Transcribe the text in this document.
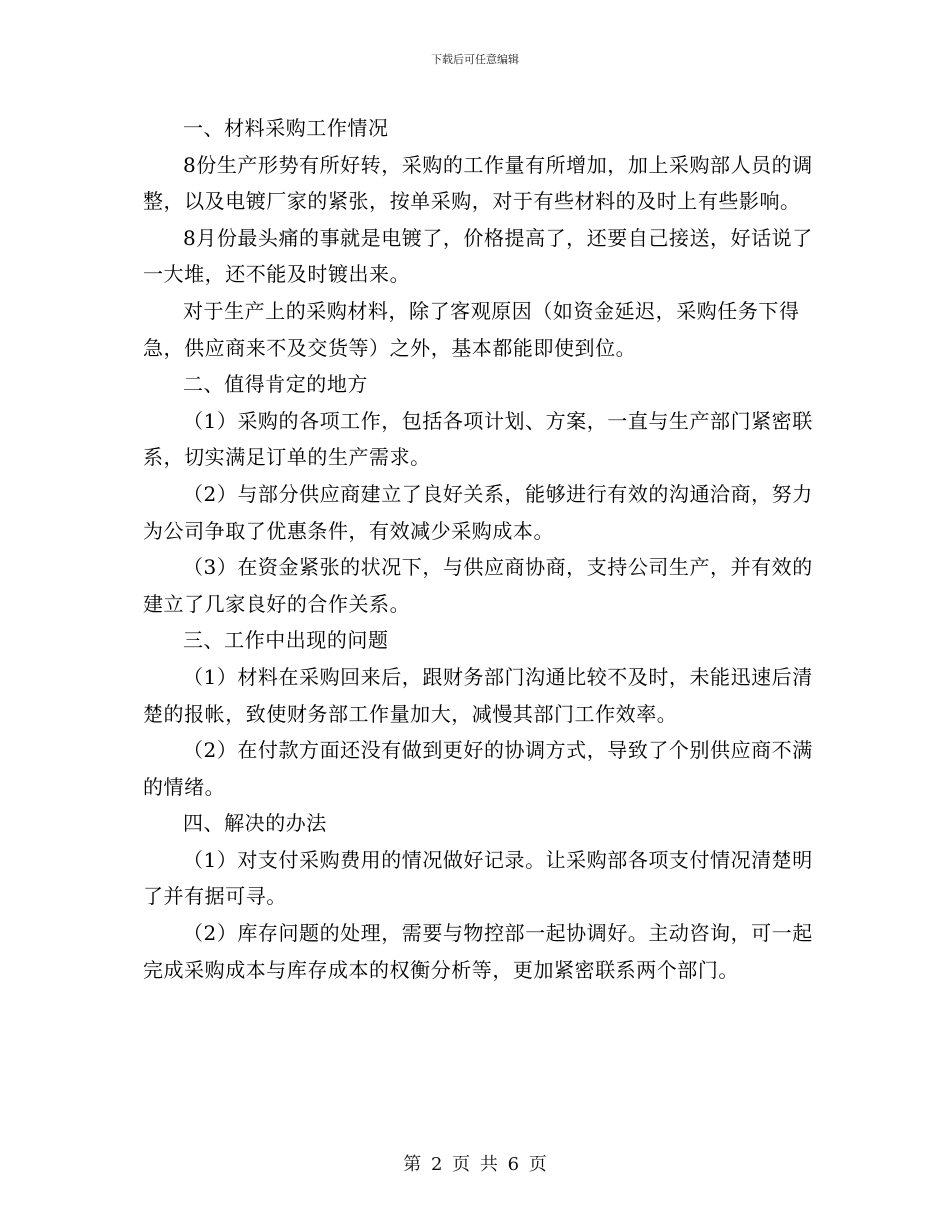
下载后可任意编辑

一、材料采购工作情况

8份生产形势有所好转，采购的工作量有所增加，加上采购部人员的调整，以及电镀厂家的紧张，按单采购，对于有些材料的及时上有些影响。

8月份最头痛的事就是电镀了，价格提高了，还要自己接送，好话说了一大堆，还不能及时镀出来。

对于生产上的采购材料，除了客观原因（如资金延迟，采购任务下得急，供应商来不及交货等）之外，基本都能即使到位。

二、值得肯定的地方

（1）采购的各项工作，包括各项计划、方案，一直与生产部门紧密联系，切实满足订单的生产需求。

（2）与部分供应商建立了良好关系，能够进行有效的沟通洽商，努力为公司争取了优惠条件，有效减少采购成本。

（3）在资金紧张的状况下，与供应商协商，支持公司生产，并有效的建立了几家良好的合作关系。

三、工作中出现的问题

（1）材料在采购回来后，跟财务部门沟通比较不及时，未能迅速后清楚的报帐，致使财务部工作量加大，减慢其部门工作效率。

（2）在付款方面还没有做到更好的协调方式，导致了个别供应商不满的情绪。

四、解决的办法

（1）对支付采购费用的情况做好记录。让采购部各项支付情况清楚明了并有据可寻。

（2）库存问题的处理，需要与物控部一起协调好。主动咨询，可一起完成采购成本与库存成本的权衡分析等，更加紧密联系两个部门。

第 2 页 共 6 页
